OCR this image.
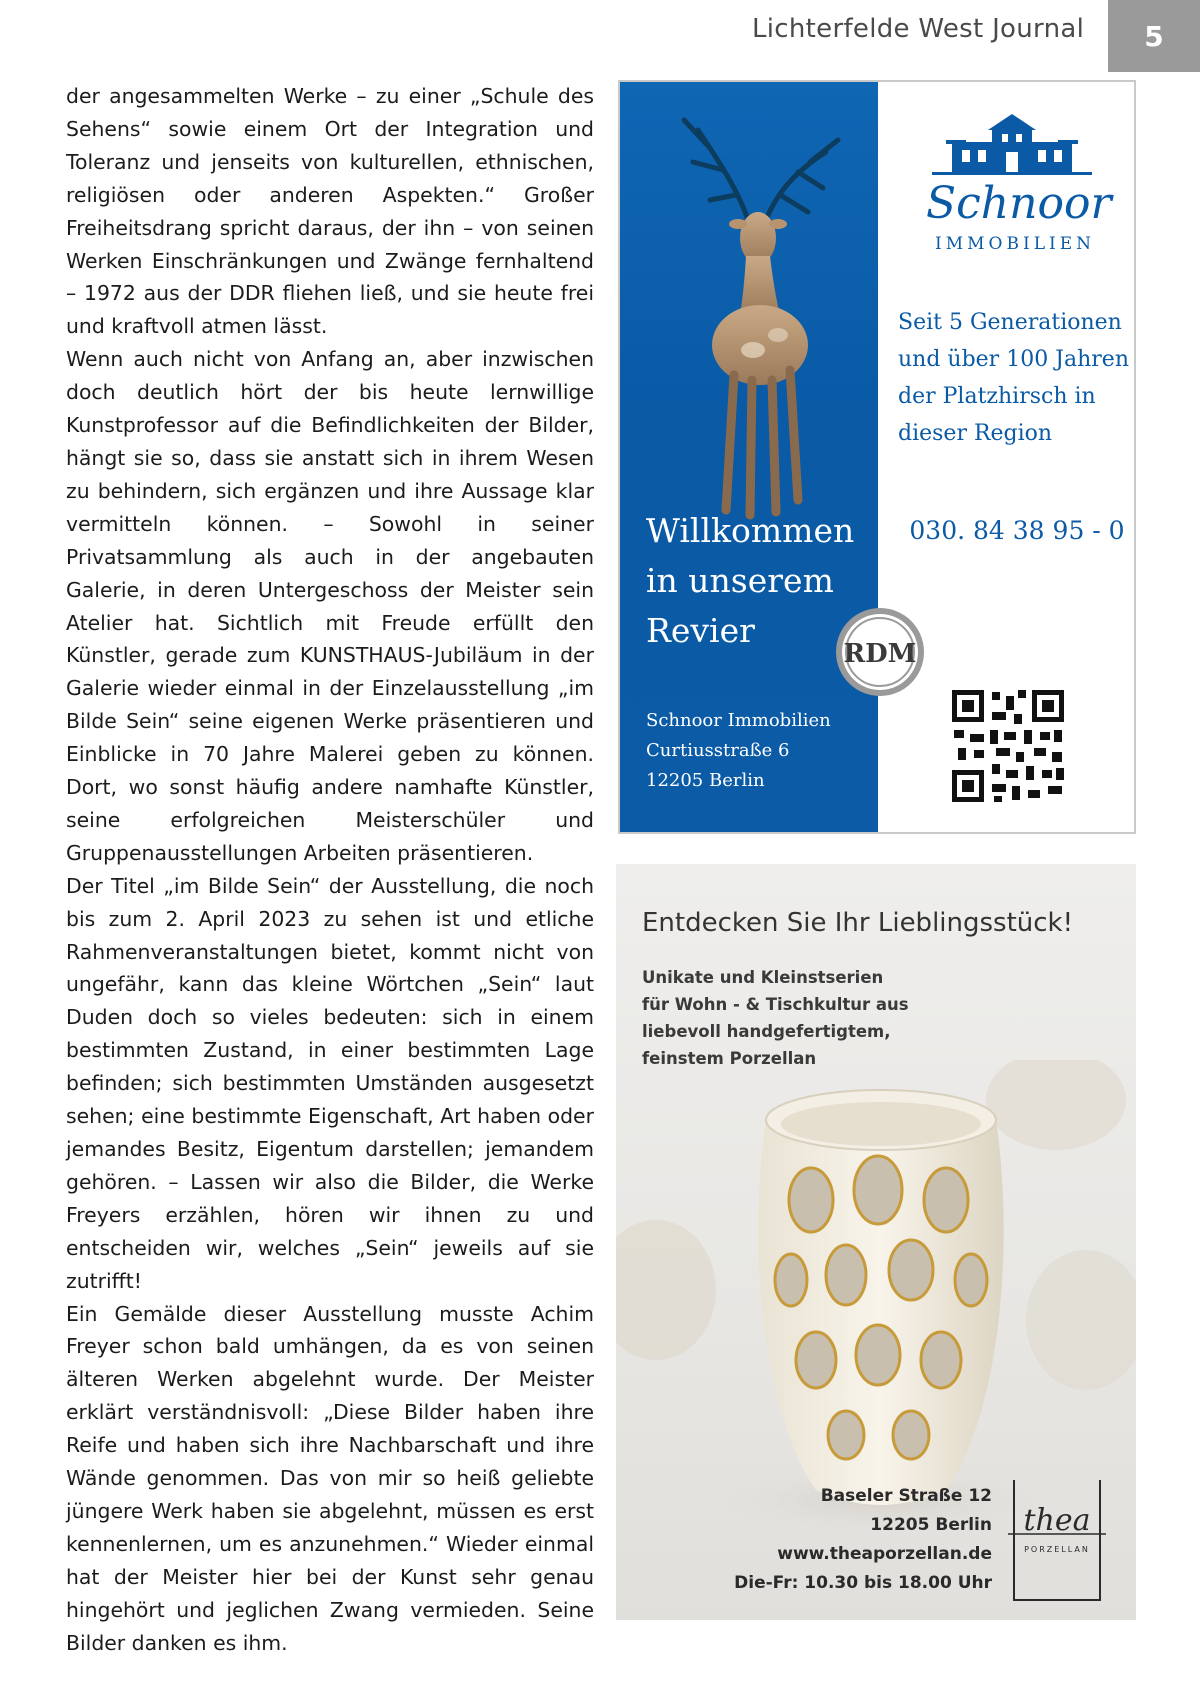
Lichterfelde West Journal 5

der angesammelten Werke – zu einer „Schule des Sehens“ sowie einem Ort der Integration und Toleranz und jenseits von kulturellen, ethnischen, religiösen oder anderen Aspekten.“ Großer Freiheitsdrang spricht daraus, der ihn – von seinen Werken Einschränkungen und Zwänge fernhaltend – 1972 aus der DDR fliehen ließ, und sie heute frei und kraftvoll atmen lässt.

Wenn auch nicht von Anfang an, aber inzwischen doch deutlich hört der bis heute lernwillige Kunstprofessor auf die Befindlichkeiten der Bilder, hängt sie so, dass sie anstatt sich in ihrem Wesen zu behindern, sich ergänzen und ihre Aussage klar vermitteln können. – Sowohl in seiner Privatsammlung als auch in der angebauten Galerie, in deren Untergeschoss der Meister sein Atelier hat. Sichtlich mit Freude erfüllt den Künstler, gerade zum KUNSTHAUS-Jubiläum in der Galerie wieder einmal in der Einzelausstellung „im Bilde Sein“ seine eigenen Werke präsentieren und Einblicke in 70 Jahre Malerei geben zu können. Dort, wo sonst häufig andere namhafte Künstler, seine erfolgreichen Meisterschüler und Gruppenausstellungen Arbeiten präsentieren.

Der Titel „im Bilde Sein“ der Ausstellung, die noch bis zum 2. April 2023 zu sehen ist und etliche Rahmenveranstaltungen bietet, kommt nicht von ungefähr, kann das kleine Wörtchen „Sein“ laut Duden doch so vieles bedeuten: sich in einem bestimmten Zustand, in einer bestimmten Lage befinden; sich bestimmten Umständen ausgesetzt sehen; eine bestimmte Eigenschaft, Art haben oder jemandes Besitz, Eigentum darstellen; jemandem gehören. – Lassen wir also die Bilder, die Werke Freyers erzählen, hören wir ihnen zu und entscheiden wir, welches „Sein“ jeweils auf sie zutrifft!

Ein Gemälde dieser Ausstellung musste Achim Freyer schon bald umhängen, da es von seinen älteren Werken abgelehnt wurde. Der Meister erklärt verständnisvoll: „Diese Bilder haben ihre Reife und haben sich ihre Nachbarschaft und ihre Wände genommen. Das von mir so heiß geliebte jüngere Werk haben sie abgelehnt, müssen es erst kennenlernen, um es anzunehmen.“ Wieder einmal hat der Meister hier bei der Kunst sehr genau hingehört und jeglichen Zwang vermieden. Seine Bilder danken es ihm.

Willkommen
in unserem
Revier
Schnoor Immobilien
Curtiusstraße 6
12205 Berlin
Schnoor
IMMOBILIEN
Seit 5 Generationen
und über 100 Jahren
der Platzhirsch in
dieser Region
030. 84 38 95 - 0
RDM
Entdecken Sie Ihr Lieblingsstück!
Unikate und Kleinstserien
für Wohn - & Tischkultur aus
liebevoll handgefertigtem,
feinstem Porzellan
Baseler Straße 12
12205 Berlin
www.theaporzellan.de
Die-Fr: 10.30 bis 18.00 Uhr
thea
PORZELLAN
